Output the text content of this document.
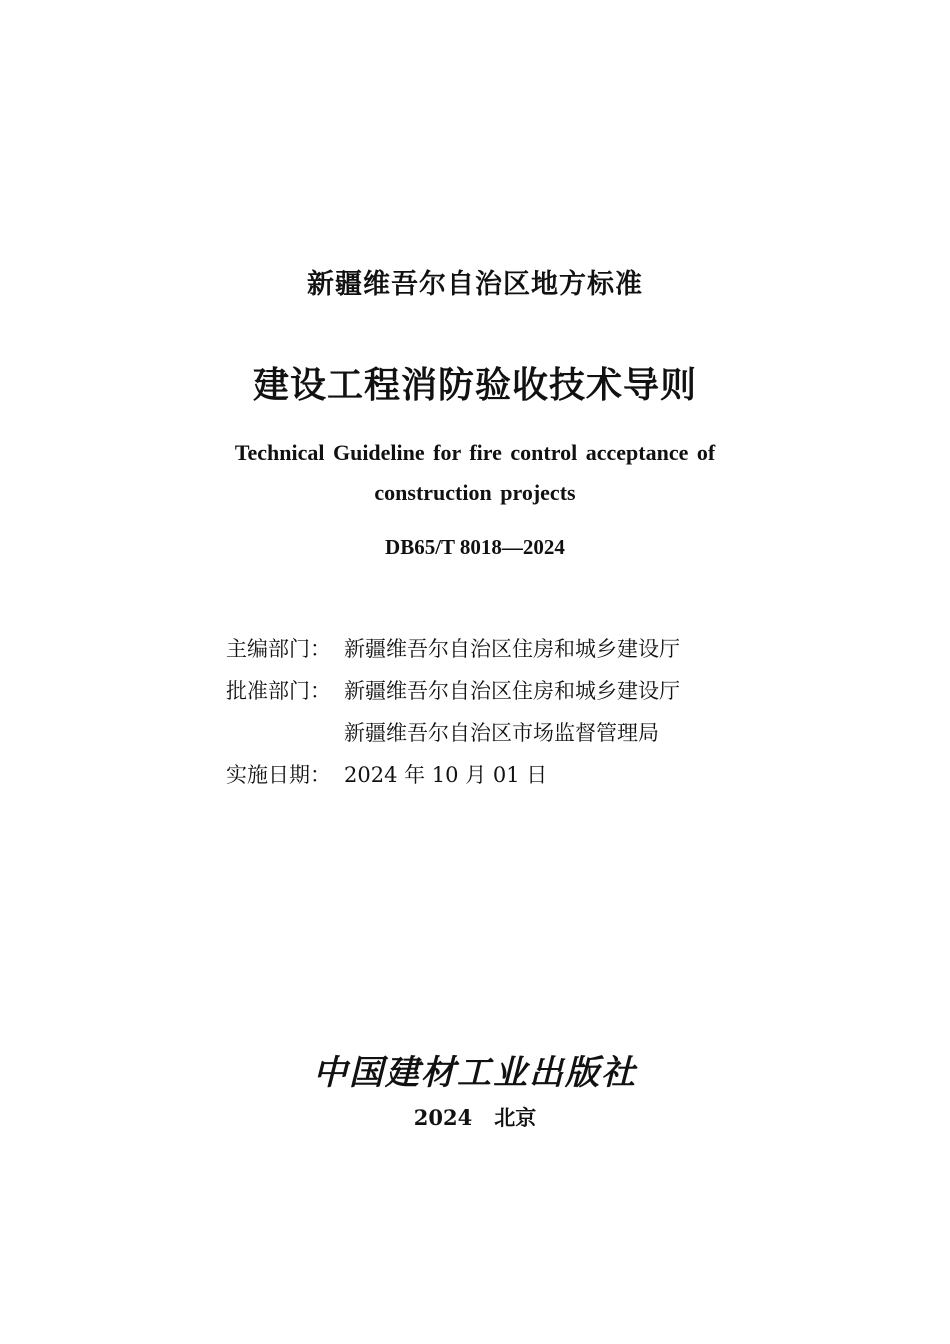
新疆维吾尔自治区地方标准
建设工程消防验收技术导则
Technical Guideline for fire control acceptance of
construction projects
DB65/T 8018—2024
主编部门： 新疆维吾尔自治区住房和城乡建设厅
批准部门： 新疆维吾尔自治区住房和城乡建设厅
新疆维吾尔自治区市场监督管理局
实施日期： 2024 年 10 月 01 日
中国建材工业出版社
2024 北京
